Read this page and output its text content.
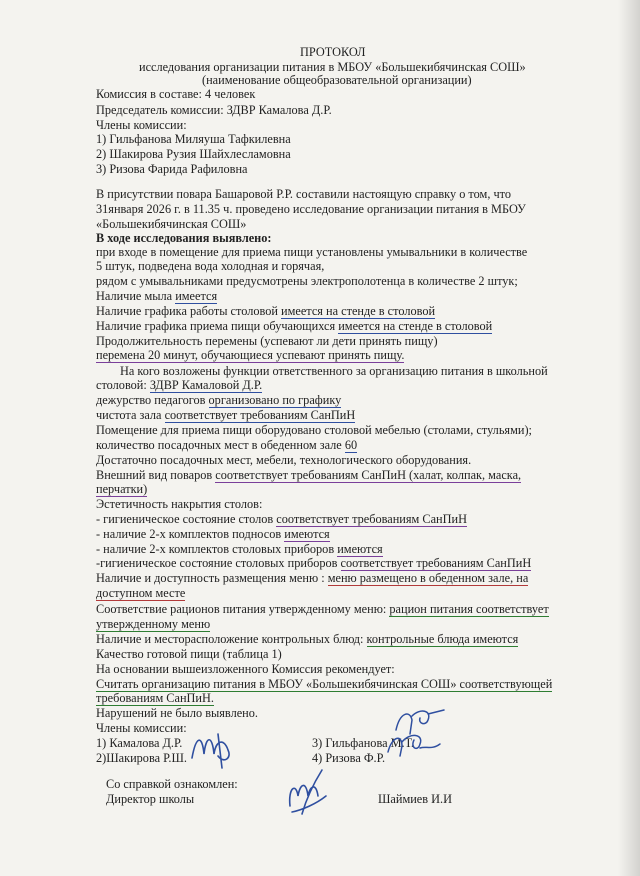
ПРОТОКОЛ
исследования организации питания в МБОУ «Большекибячинская СОШ»
(наименование общеобразовательной организации)
Комиссия в составе: 4 человек
Председатель комиссии: ЗДВР Камалова Д.Р.
Члены комиссии:
1) Гильфанова Миляуша Тафкилевна
2) Шакирова Рузия Шайхлесламовна
3) Ризова Фарида Рафиловна
В присутствии повара Башаровой Р.Р. составили настоящую справку о том, что
31января 2026 г. в 11.35 ч. проведено исследование организации питания в МБОУ
«Большекибячинская СОШ»
В ходе исследования выявлено:
при входе в помещение для приема пищи установлены умывальники в количестве
5 штук, подведена вода холодная и горячая,
рядом с умывальниками предусмотрены электрополотенца в количестве 2 штук;
Наличие мыла имеется
Наличие графика работы столовой имеется на стенде в столовой
Наличие графика приема пищи обучающихся имеется на стенде в столовой
Продолжительность перемены (успевают ли дети принять пищу)
перемена 20 минут, обучающиеся успевают принять пищу.
На кого возложены функции ответственного за организацию питания в школьной
столовой: ЗДВР Камаловой Д.Р.
дежурство педагогов организовано по графику
чистота зала соответствует требованиям СанПиН
Помещение для приема пищи оборудовано столовой мебелью (столами, стульями);
количество посадочных мест в обеденном зале 60
Достаточно посадочных мест, мебели, технологического оборудования.
Внешний вид поваров соответствует требованиям СанПиН (халат, колпак, маска,
перчатки)
Эстетичность накрытия столов:
- гигиеническое состояние столов соответствует требованиям СанПиН
- наличие 2-х комплектов подносов имеются
- наличие 2-х комплектов столовых приборов имеются
-гигиеническое состояние столовых приборов соответствует требованиям СанПиН
Наличие и доступность размещения меню : меню размещено в обеденном зале, на
доступном месте
Соответствие рационов питания утвержденному меню: рацион питания соответствует
утвержденному меню
Наличие и месторасположение контрольных блюд: контрольные блюда имеются
Качество готовой пищи (таблица 1)
На основании вышеизложенного Комиссия рекомендует:
Считать организацию питания в МБОУ «Большекибячинская СОШ» соответствующей
требованиям СанПиН.
Нарушений не было выявлено.
Члены комиссии:
1) Камалова Д.Р.
2)Шакирова Р.Ш.
3) Гильфанова М.Т.
4) Ризова Ф.Р.
Со справкой ознакомлен:
Директор школы	Шаймиев И.И
